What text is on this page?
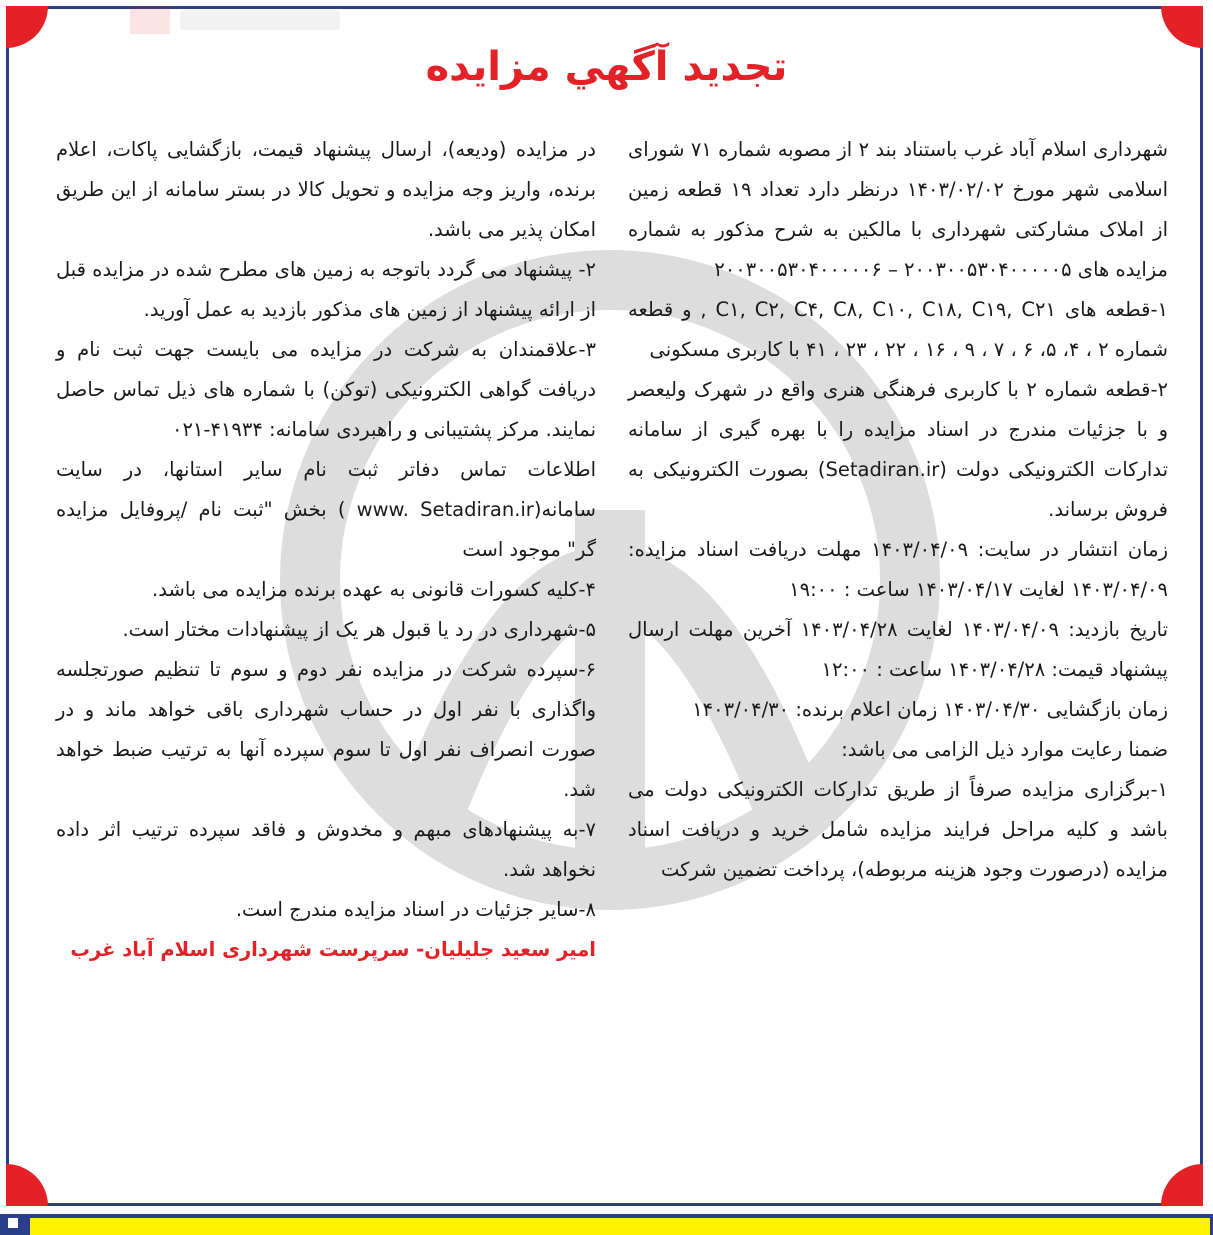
تجدید آگهي مزایده

شهرداری اسلام آباد غرب باستناد بند ۲ از مصوبه شماره ۷۱ شورای اسلامی شهر مورخ ۱۴۰۳/۰۲/۰۲ درنظر دارد تعداد ۱۹ قطعه زمین از املاک مشارکتی شهرداری با مالکین به شرح مذکور به شماره مزایده های ۲۰۰۳۰۰۵۳۰۴۰۰۰۰۰۵ – ۲۰۰۳۰۰۵۳۰۴۰۰۰۰۰۶

۱-قطعه های C۱, C۲, C۴, C۸, C۱۰, C۱۸, C۱۹, C۲۱ , و قطعه شماره ۲ ، ۴، ۵، ۶ ، ۷ ، ۹ ، ۱۶ ، ۲۲ ، ۲۳ ، ۴۱ با کاربری مسکونی

۲-قطعه شماره ۲ با کاربری فرهنگی هنری واقع در شهرک ولیعصر و با جزئیات مندرج در اسناد مزایده را با بهره گیری از سامانه تدارکات الکترونیکی دولت (Setadiran.ir) بصورت الکترونیکی به فروش برساند.

زمان انتشار در سایت: ۱۴۰۳/۰۴/۰۹ مهلت دریافت اسناد مزایده: ۱۴۰۳/۰۴/۰۹ لغایت ۱۴۰۳/۰۴/۱۷ ساعت : ۱۹:۰۰

تاریخ بازدید: ۱۴۰۳/۰۴/۰۹ لغایت ۱۴۰۳/۰۴/۲۸ آخرین مهلت ارسال پیشنهاد قیمت: ۱۴۰۳/۰۴/۲۸ ساعت : ۱۲:۰۰

زمان بازگشایی ۱۴۰۳/۰۴/۳۰ زمان اعلام برنده: ۱۴۰۳/۰۴/۳۰

ضمنا رعایت موارد ذیل الزامی می باشد:

۱-برگزاری مزایده صرفاً از طریق تدارکات الکترونیکی دولت می باشد و کلیه مراحل فرایند مزایده شامل خرید و دریافت اسناد مزایده (درصورت وجود هزینه مربوطه)، پرداخت تضمین شرکت

در مزایده (ودیعه)، ارسال پیشنهاد قیمت، بازگشایی پاکات، اعلام برنده، واریز وجه مزایده و تحویل کالا در بستر سامانه از این طریق امکان پذیر می باشد.

۲- پیشنهاد می گردد باتوجه به زمین های مطرح شده در مزایده قبل از ارائه پیشنهاد از زمین های مذکور بازدید به عمل آورید.

۳-علاقمندان به شرکت در مزایده می بایست جهت ثبت نام و دریافت گواهی الکترونیکی (توکن) با شماره های ذیل تماس حاصل نمایند. مرکز پشتیبانی و راهبردی سامانه: ۴۱۹۳۴-۰۲۱

اطلاعات تماس دفاتر ثبت نام سایر استانها، در سایت سامانه(www. Setadiran.ir ) بخش "ثبت نام /پروفایل مزایده گر" موجود است

۴-کلیه کسورات قانونی به عهده برنده مزایده می باشد.

۵-شهرداری در رد یا قبول هر یک از پیشنهادات مختار است.

۶-سپرده شرکت در مزایده نفر دوم و سوم تا تنظیم صورتجلسه واگذاری با نفر اول در حساب شهرداری باقی خواهد ماند و در صورت انصراف نفر اول تا سوم سپرده آنها به ترتیب ضبط خواهد شد.

۷-به پیشنهادهای مبهم و مخدوش و فاقد سپرده ترتیب اثر داده نخواهد شد.

۸-سایر جزئیات در اسناد مزایده مندرج است.

امیر سعید جلیلیان- سرپرست شهرداری اسلام آباد غرب
